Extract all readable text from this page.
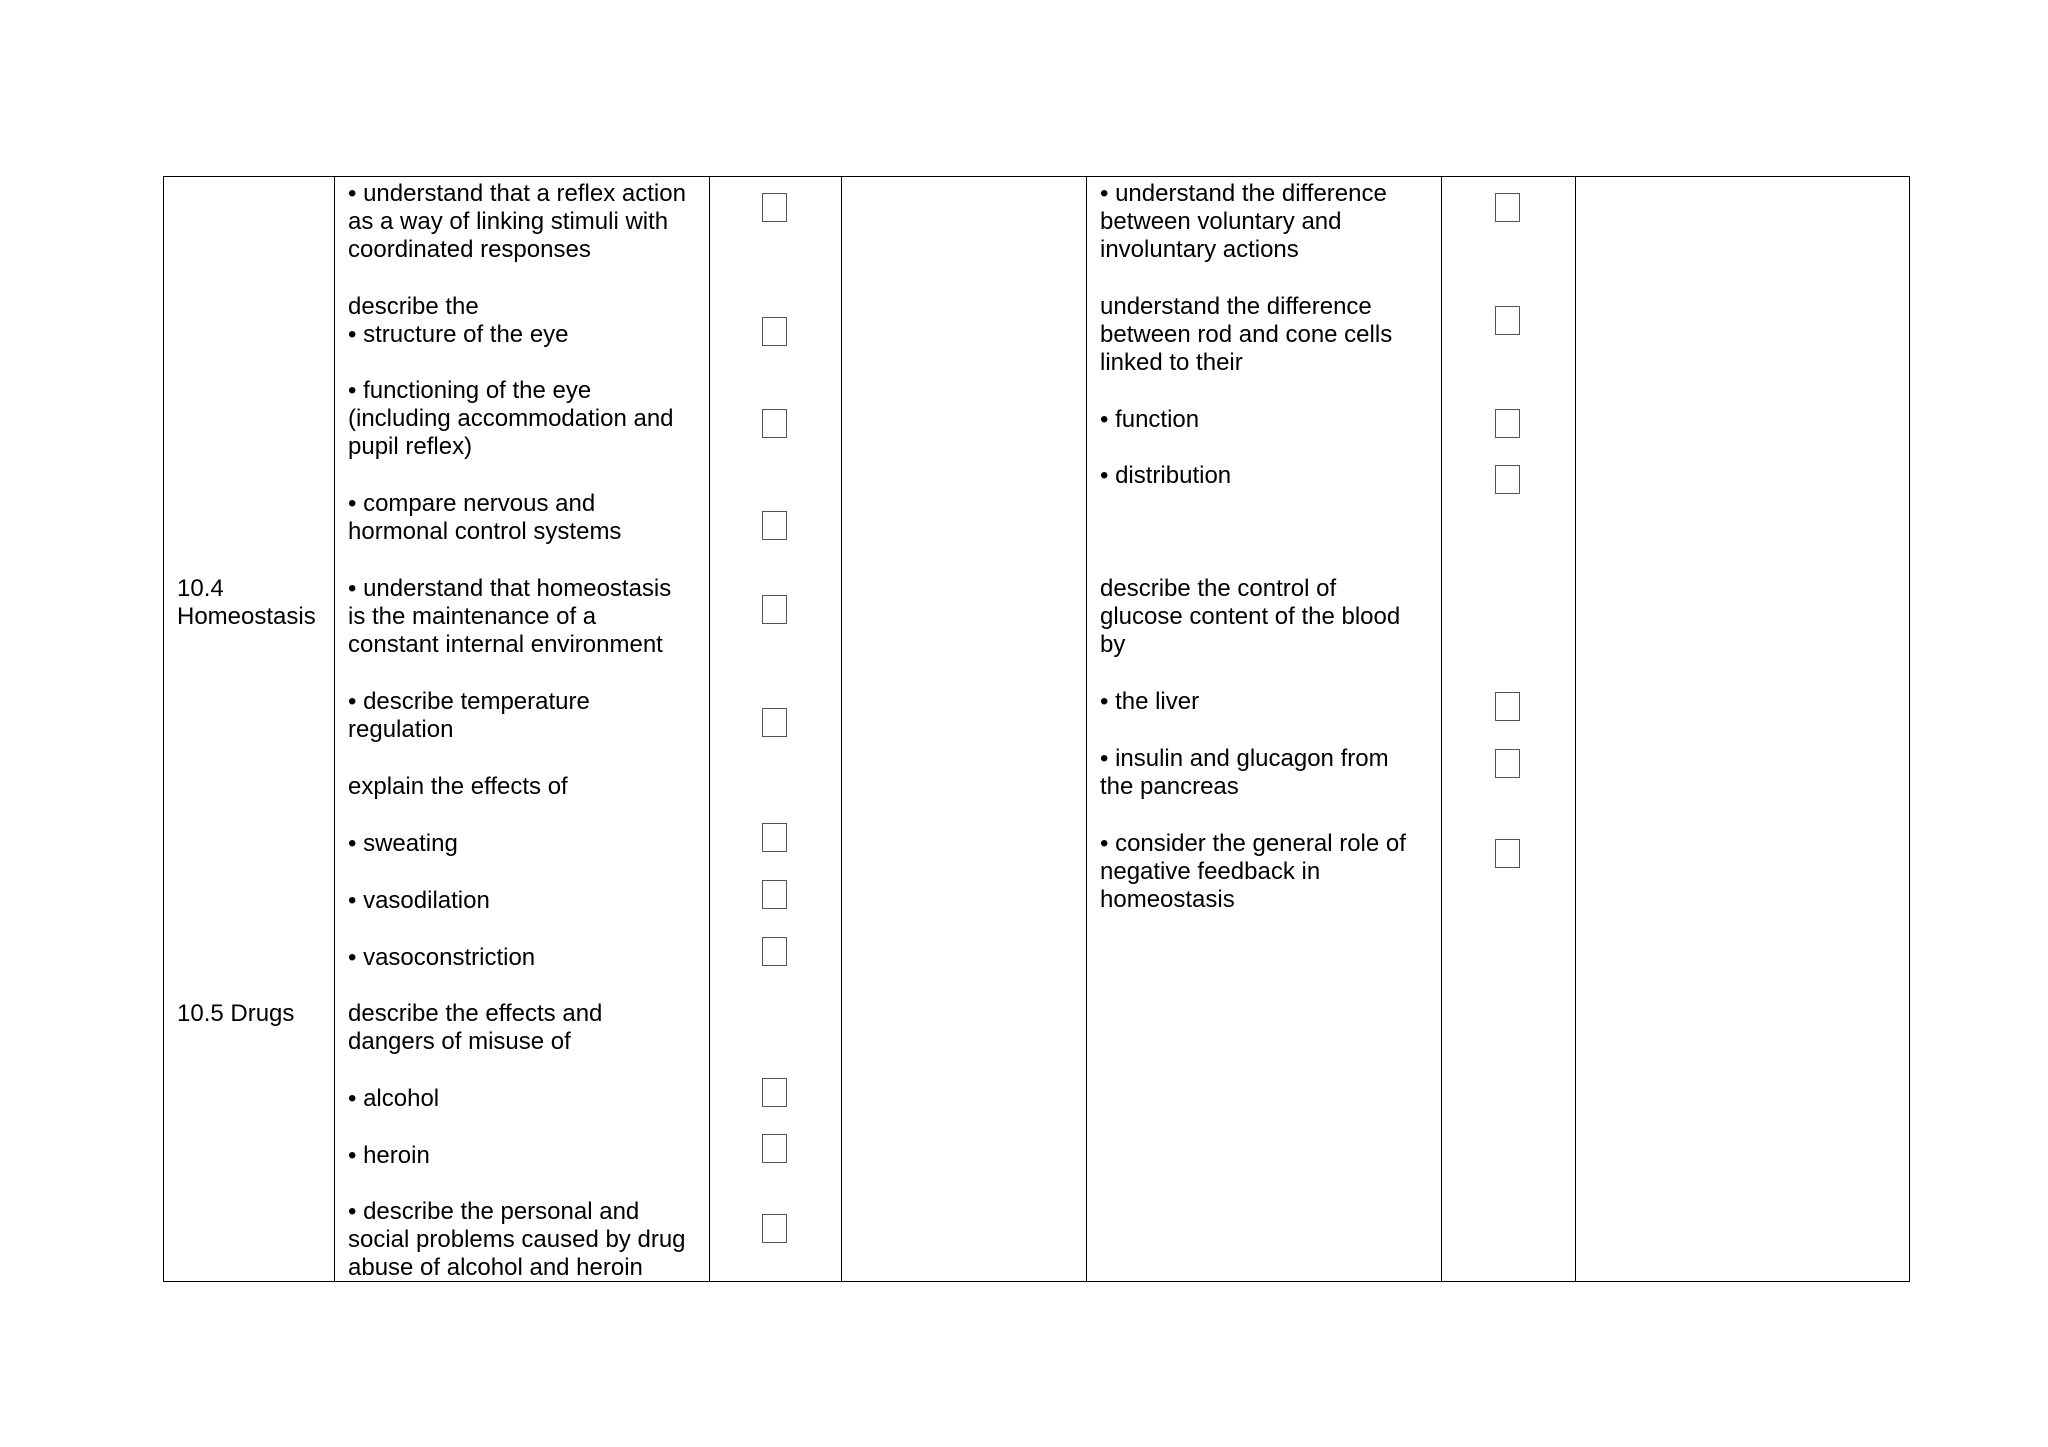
10.4
Homeostasis
10.5 Drugs
• understand that a reflex action
as a way of linking stimuli with
coordinated responses
describe the
• structure of the eye
• functioning of the eye
(including accommodation and
pupil reflex)
• compare nervous and
hormonal control systems
• understand that homeostasis
is the maintenance of a
constant internal environment
• describe temperature
regulation
explain the effects of
• sweating
• vasodilation
• vasoconstriction
describe the effects and
dangers of misuse of
• alcohol
• heroin
• describe the personal and
social problems caused by drug
abuse of alcohol and heroin
• understand the difference
between voluntary and
involuntary actions
understand the difference
between rod and cone cells
linked to their
• function
• distribution
describe the control of
glucose content of the blood
by
• the liver
• insulin and glucagon from
the pancreas
• consider the general role of
negative feedback in
homeostasis
